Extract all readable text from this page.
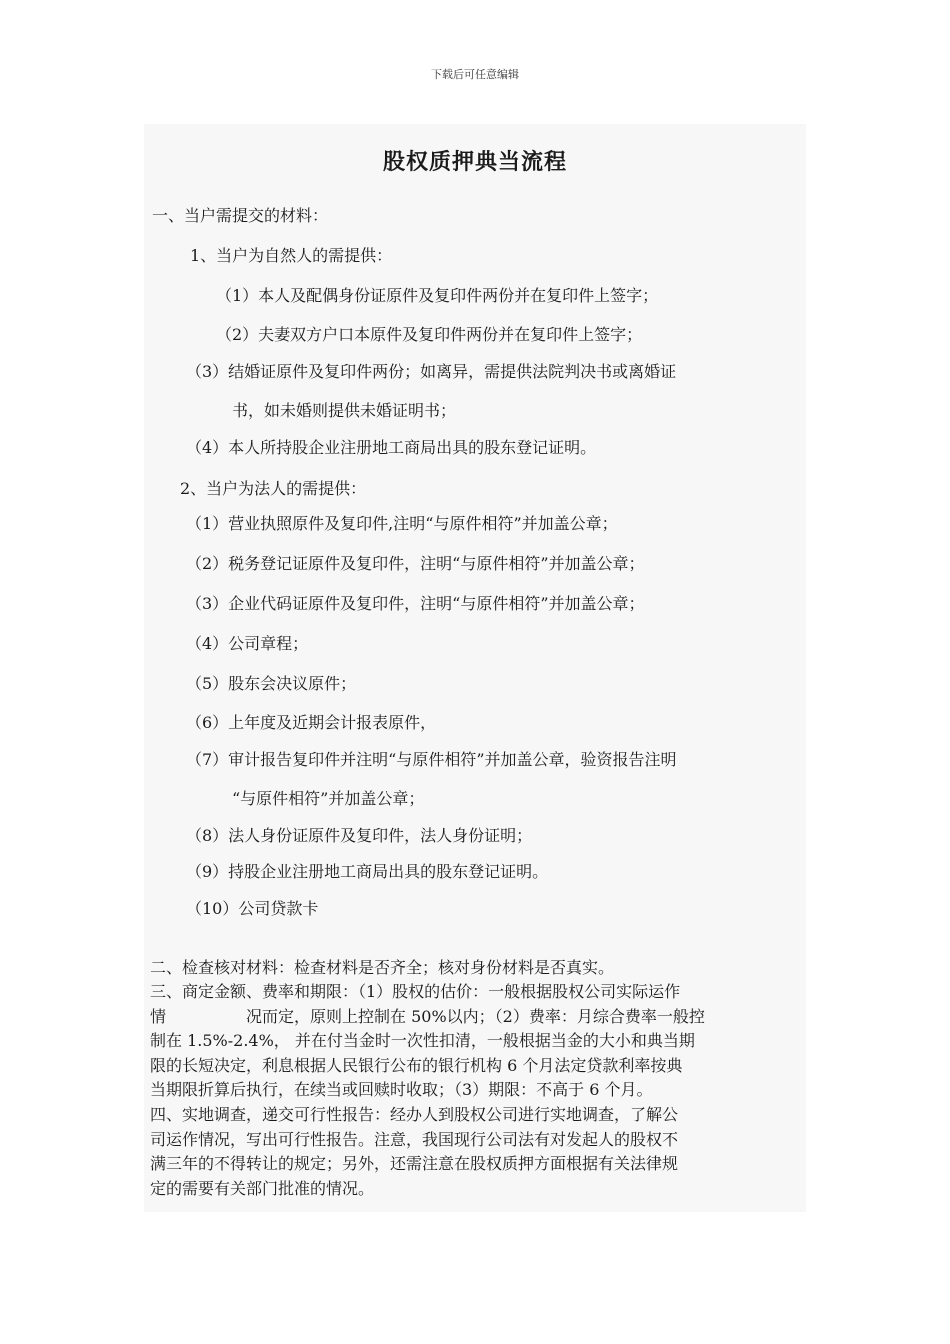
下载后可任意编辑
股权质押典当流程
一、当户需提交的材料：
1、当户为自然人的需提供：
（1）本人及配偶身份证原件及复印件两份并在复印件上签字；
（2）夫妻双方户口本原件及复印件两份并在复印件上签字；
（3）结婚证原件及复印件两份；如离异，需提供法院判决书或离婚证
书，如未婚则提供未婚证明书；
（4）本人所持股企业注册地工商局出具的股东登记证明。
2、当户为法人的需提供：
（1）营业执照原件及复印件,注明“与原件相符”并加盖公章；
（2）税务登记证原件及复印件，注明“与原件相符”并加盖公章；
（3）企业代码证原件及复印件，注明“与原件相符”并加盖公章；
（4）公司章程；
（5）股东会决议原件；
（6）上年度及近期会计报表原件，
（7）审计报告复印件并注明“与原件相符”并加盖公章，验资报告注明
“与原件相符”并加盖公章；
（8）法人身份证原件及复印件，法人身份证明；
（9）持股企业注册地工商局出具的股东登记证明。
（10）公司贷款卡
二、检查核对材料：检查材料是否齐全；核对身份材料是否真实。
三、商定金额、费率和期限：（1）股权的估价：一般根据股权公司实际运作
情　　　　　况而定，原则上控制在 50%以内；（2）费率：月综合费率一般控
制在 1.5%-2.4%， 并在付当金时一次性扣清，一般根据当金的大小和典当期
限的长短决定，利息根据人民银行公布的银行机构 6 个月法定贷款利率按典
当期限折算后执行，在续当或回赎时收取；（3）期限：不高于 6 个月。
四、实地调查，递交可行性报告：经办人到股权公司进行实地调查，了解公
司运作情况，写出可行性报告。注意，我国现行公司法有对发起人的股权不
满三年的不得转让的规定；另外，还需注意在股权质押方面根据有关法律规
定的需要有关部门批准的情况。
